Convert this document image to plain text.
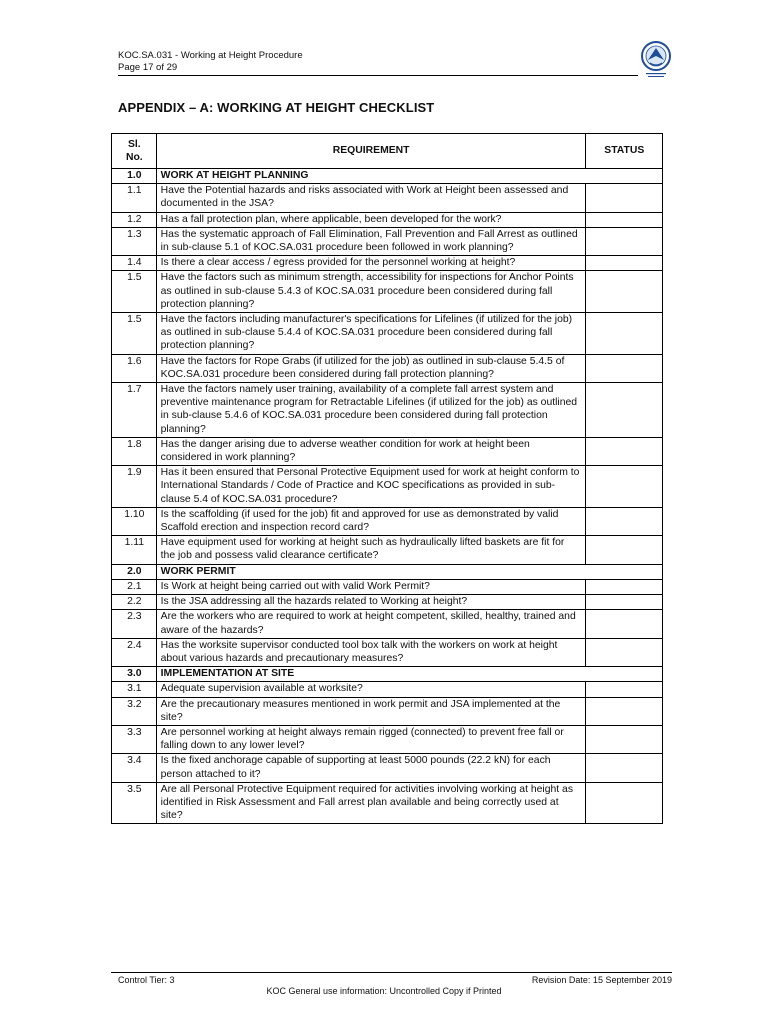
KOC.SA.031 - Working at Height Procedure
Page 17 of 29
APPENDIX – A: WORKING AT HEIGHT CHECKLIST
Sl.
No.	REQUIREMENT	STATUS
1.0	WORK AT HEIGHT PLANNING	
1.1	Have the Potential hazards and risks associated with Work at Height been assessed and documented in the JSA?	
1.2	Has a fall protection plan, where applicable, been developed for the work?	
1.3	Has the systematic approach of Fall Elimination, Fall Prevention and Fall Arrest as outlined in sub-clause 5.1 of KOC.SA.031 procedure been followed in work planning?	
1.4	Is there a clear access / egress provided for the personnel working at height?	
1.5	Have the factors such as minimum strength, accessibility for inspections for Anchor Points as outlined in sub-clause 5.4.3 of KOC.SA.031 procedure been considered during fall protection planning?	
1.5	Have the factors including manufacturer's specifications for Lifelines (if utilized for the job) as outlined in sub-clause 5.4.4 of KOC.SA.031 procedure been considered during fall protection planning?	
1.6	Have the factors for Rope Grabs (if utilized for the job) as outlined in sub-clause 5.4.5 of KOC.SA.031 procedure been considered during fall protection planning?	
1.7	Have the factors namely user training, availability of a complete fall arrest system and preventive maintenance program for Retractable Lifelines (if utilized for the job) as outlined in sub-clause 5.4.6 of KOC.SA.031 procedure been considered during fall protection planning?	
1.8	Has the danger arising due to adverse weather condition for work at height been considered in work planning?	
1.9	Has it been ensured that Personal Protective Equipment used for work at height conform to International Standards / Code of Practice and KOC specifications as provided in sub-clause 5.4 of KOC.SA.031 procedure?	
1.10	Is the scaffolding (if used for the job) fit and approved for use as demonstrated by valid Scaffold erection and inspection record card?	
1.11	Have equipment used for working at height such as hydraulically lifted baskets are fit for the job and possess valid clearance certificate?	
2.0	WORK PERMIT	
2.1	Is Work at height being carried out with valid Work Permit?	
2.2	Is the JSA addressing all the hazards related to Working at height?	
2.3	Are the workers who are required to work at height competent, skilled, healthy, trained and aware of the hazards?	
2.4	Has the worksite supervisor conducted tool box talk with the workers on work at height about various hazards and precautionary measures?	
3.0	IMPLEMENTATION AT SITE	
3.1	Adequate supervision available at worksite?	
3.2	Are the precautionary measures mentioned in work permit and JSA implemented at the site?	
3.3	Are personnel working at height always remain rigged (connected) to prevent free fall or falling down to any lower level?	
3.4	Is the fixed anchorage capable of supporting at least 5000 pounds (22.2 kN) for each person attached to it?	
3.5	Are all Personal Protective Equipment required for activities involving working at height as identified in Risk Assessment and Fall arrest plan available and being correctly used at site?	
Control Tier: 3	Revision Date: 15 September 2019
KOC General use information: Uncontrolled Copy if Printed
